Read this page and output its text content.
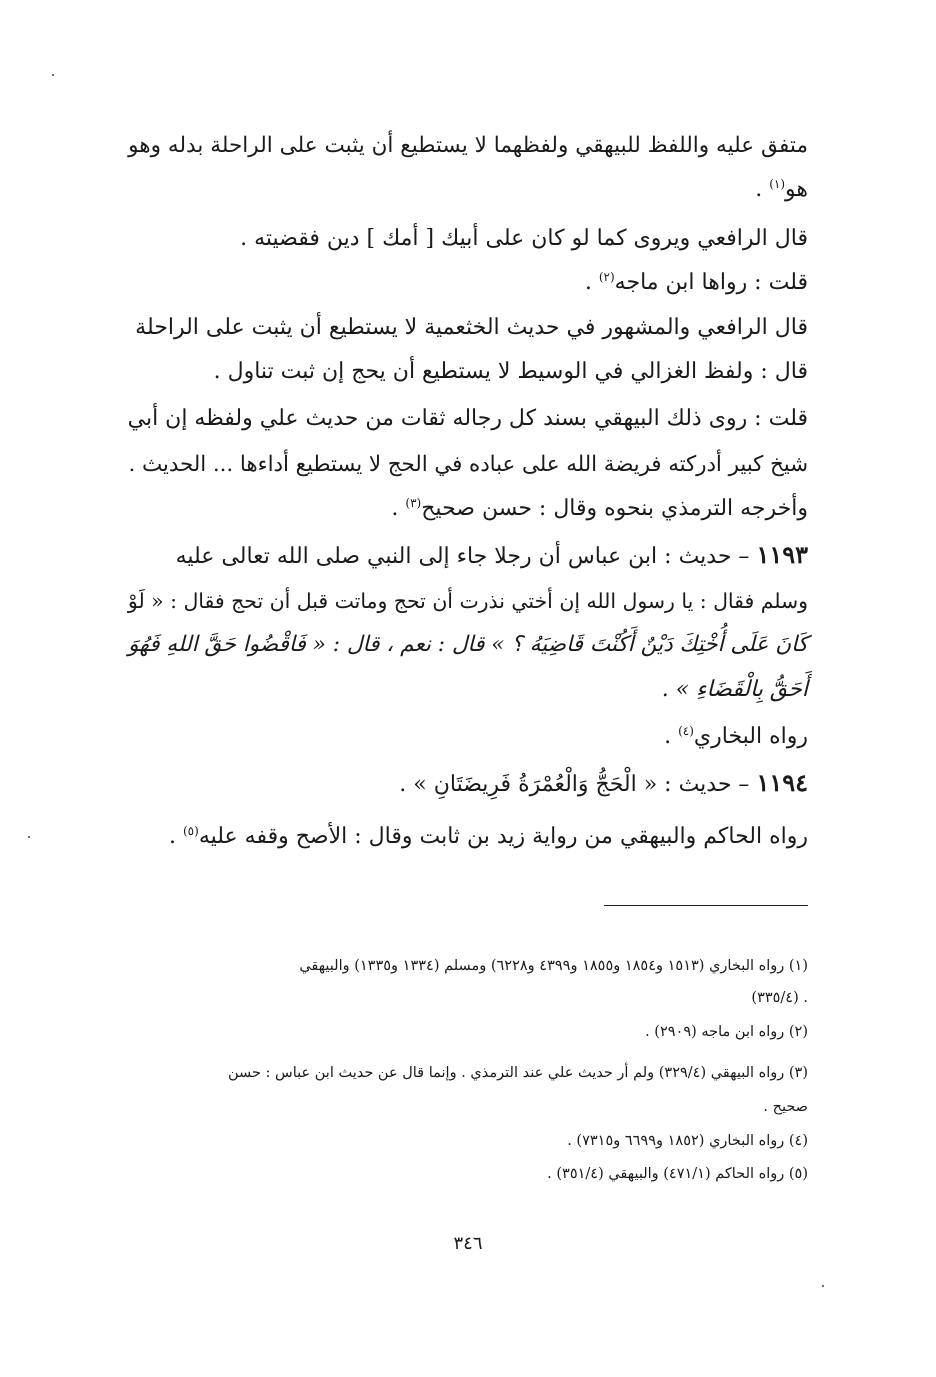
متفق عليه واللفظ للبيهقي ولفظهما لا يستطيع أن يثبت على الراحلة بدله وهو
هو$^{(١)}$ .
قال الرافعي ويروى كما لو كان على أبيك [ أمك ] دين فقضيته .
قلت : رواها ابن ماجه$^{(٢)}$ .
قال الرافعي والمشهور في حديث الخثعمية لا يستطيع أن يثبت على الراحلة
قال : ولفظ الغزالي في الوسيط لا يستطيع أن يحج إن ثبت تناول .
قلت : روى ذلك البيهقي بسند كل رجاله ثقات من حديث علي ولفظه إن أبي
شيخ كبير أدركته فريضة الله على عباده في الحج لا يستطيع أداءها ... الحديث .
وأخرجه الترمذي بنحوه وقال : حسن صحيح$^{(٣)}$ .
١١٩٣ – حديث : ابن عباس أن رجلا جاء إلى النبي صلى الله تعالى عليه
وسلم فقال : يا رسول الله إن أختي نذرت أن تحج وماتت قبل أن تحج فقال : « لَوْ
كَانَ عَلَى أُخْتِكَ دَيْنٌ أَكُنْتَ قَاضِيَهُ ؟ » قال : نعم ، قال : « فَاقْضُوا حَقَّ اللهِ فَهُوَ
أَحَقُّ بِالْقَضَاءِ » .
رواه البخاري$^{(٤)}$ .
١١٩٤ – حديث : « الْحَجُّ وَالْعُمْرَةُ فَرِيضَتَانِ » .
رواه الحاكم والبيهقي من رواية زيد بن ثابت وقال : الأصح وقفه عليه$^{(٥)}$ .
(١) رواه البخاري (١٥١٣ و١٨٥٤ و١٨٥٥ و٤٣٩٩ و٦٢٢٨) ومسلم (١٣٣٤ و١٣٣٥) والبيهقي
(٣٣٥/٤) .
(٢) رواه ابن ماجه (٢٩٠٩) .
(٣) رواه البيهقي (٣٢٩/٤) ولم أر حديث علي عند الترمذي . وإنما قال عن حديث ابن عباس : حسن
صحيح .
(٤) رواه البخاري (١٨٥٢ و٦٦٩٩ و٧٣١٥) .
(٥) رواه الحاكم (٤٧١/١) والبيهقي (٣٥١/٤) .
٣٤٦
